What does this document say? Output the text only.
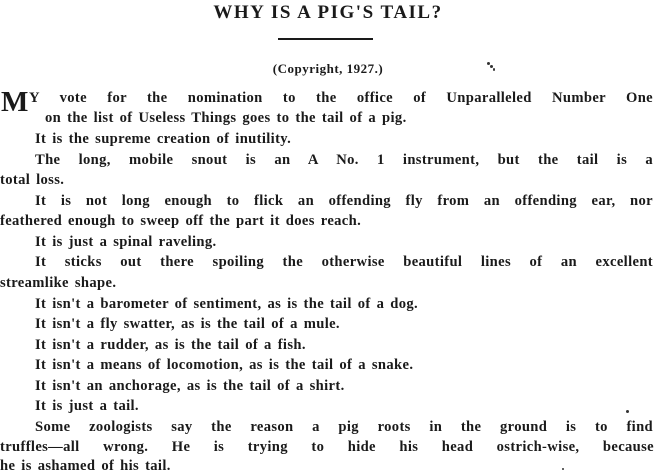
WHY IS A PIG'S TAIL?
(Copyright, 1927.)
M Y vote for the nomination to the office of Unparalleled Number One
on the list of Useless Things goes to the tail of a pig.
It is the supreme creation of inutility.
The long, mobile snout is an A No. 1 instrument, but the tail is a
total loss.
It is not long enough to flick an offending fly from an offending ear, nor
feathered enough to sweep off the part it does reach.
It is just a spinal raveling.
It sticks out there spoiling the otherwise beautiful lines of an excellent
streamlike shape.
It isn't a barometer of sentiment, as is the tail of a dog.
It isn't a fly swatter, as is the tail of a mule.
It isn't a rudder, as is the tail of a fish.
It isn't a means of locomotion, as is the tail of a snake.
It isn't an anchorage, as is the tail of a shirt.
It is just a tail.
Some zoologists say the reason a pig roots in the ground is to find
truffles—all wrong. He is trying to hide his head ostrich-wise, because
he is ashamed of his tail.
